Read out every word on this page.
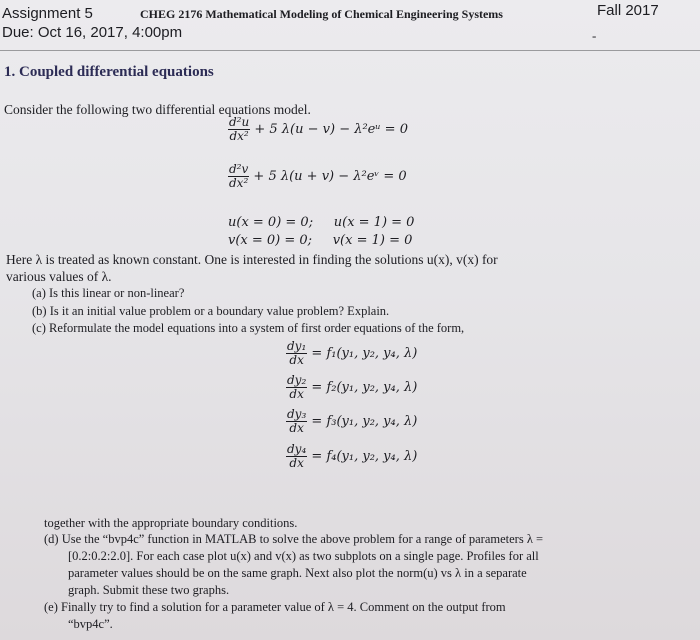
Assignment 5	CHEG 2176 Mathematical Modeling of Chemical Engineering Systems	Fall 2017
Due: Oct 16, 2017, 4:00pm	-
1. Coupled differential equations
Consider the following two differential equations model.
$\frac{\text{d²u}}{\text{dx²}} + 5$ λ(u − v) − λ²eᵘ = 0
$\frac{\text{d²v}}{\text{dx²}} + 5$ λ(u + v) − λ²eᵛ = 0
u(x = 0) = 0;     u(x = 1) = 0
v(x = 0) = 0;     v(x = 1) = 0
Here λ is treated as known constant. One is interested in finding the solutions u(x), v(x) for
various values of λ.
(a) Is this linear or non-linear?
(b) Is it an initial value problem or a boundary value problem? Explain.
(c) Reformulate the model equations into a system of first order equations of the form,
$\frac{\text{dy₁}}{dx} = f_1(y_1$, y₂, y₄, λ)
$\frac{\text{dy₂}}{dx} = f_2(y_1$, y₂, y₄, λ)
$\frac{\text{dy₃}}{dx} = f_3(y_1$, y₂, y₄, λ)
$\frac{\text{dy₄}}{dx} = f_4(y_1$, y₂, y₄, λ)
together with the appropriate boundary conditions.
(d) Use the “bvp4c” function in MATLAB to solve the above problem for a range of parameters λ =
[0.2:0.2:2.0]. For each case plot u(x) and v(x) as two subplots on a single page. Profiles for all
parameter values should be on the same graph. Next also plot the norm(u) vs λ in a separate
graph. Submit these two graphs.
(e) Finally try to find a solution for a parameter value of λ = 4. Comment on the output from
“bvp4c”.
